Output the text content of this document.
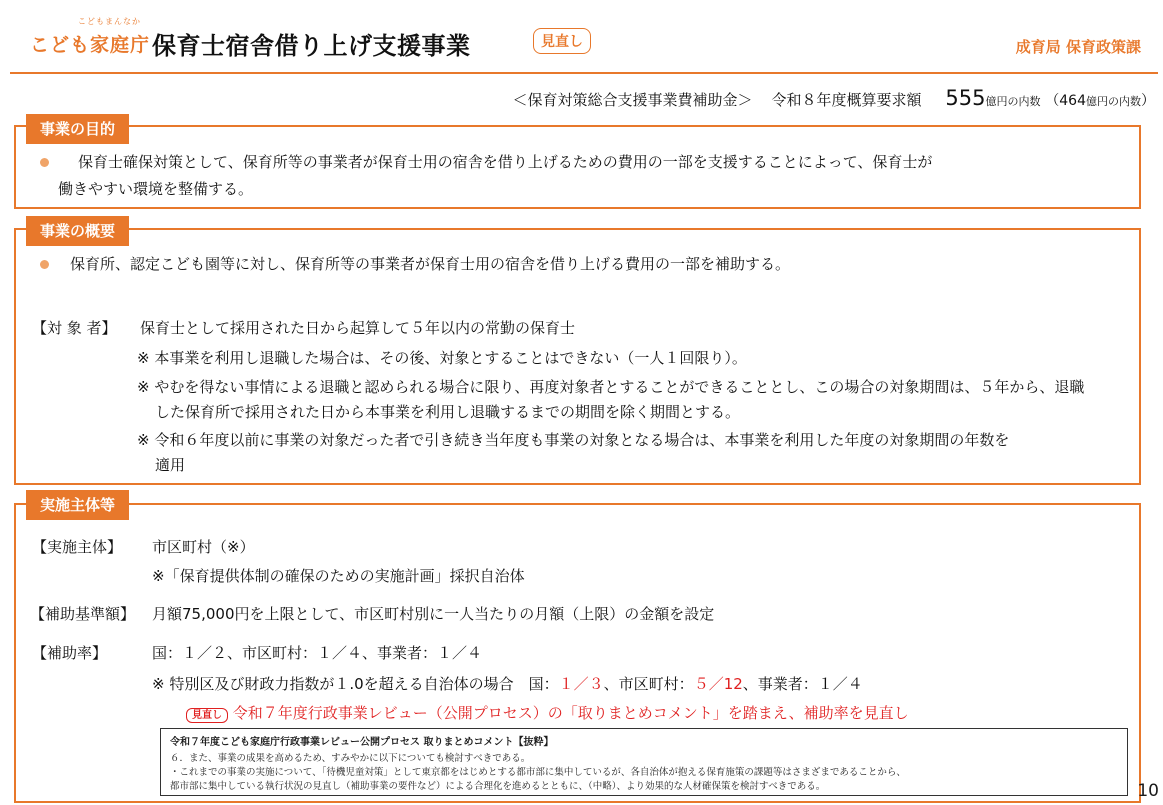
こどもまんなか
こども家庭庁 保育士宿舎借り上げ支援事業	見直し	成育局 保育政策課
＜保育対策総合支援事業費補助金＞ 令和８年度概算要求額 555億円の内数 （464億円の内数）
事業の目的
保育士確保対策として、保育所等の事業者が保育士用の宿舎を借り上げるための費用の一部を支援することによって、保育士が
働きやすい環境を整備する。
事業の概要
保育所、認定こども園等に対し、保育所等の事業者が保育士用の宿舎を借り上げる費用の一部を補助する。
【対 象 者】 保育士として採用された日から起算して５年以内の常勤の保育士
※ 本事業を利用し退職した場合は、その後、対象とすることはできない（一人１回限り）。
※ やむを得ない事情による退職と認められる場合に限り、再度対象者とすることができることとし、この場合の対象期間は、５年から、退職
した保育所で採用された日から本事業を利用し退職するまでの期間を除く期間とする。
※ 令和６年度以前に事業の対象だった者で引き続き当年度も事業の対象となる場合は、本事業を利用した年度の対象期間の年数を
適用
実施主体等
【実施主体】 市区町村（※）
※「保育提供体制の確保のための実施計画」採択自治体
【補助基準額】 月額75,000円を上限として、市区町村別に一人当たりの月額（上限）の金額を設定
【補助率】	国：１／２、市区町村：１／４、事業者：１／４
※ 特別区及び財政力指数が１.0を超える自治体の場合　国：１／３、市区町村：５／12、事業者：１／４
見直し 令和７年度行政事業レビュー（公開プロセス）の「取りまとめコメント」を踏まえ、補助率を見直し
令和７年度こども家庭庁行政事業レビュー公開プロセス 取りまとめコメント【抜粋】
６．また、事業の成果を高めるため、すみやかに以下についても検討すべきである。
・これまでの事業の実施について、「待機児童対策」として東京都をはじめとする都市部に集中しているが、各自治体が抱える保育施策の課題等はさまざまであることから、
都市部に集中している執行状況の見直し（補助事業の要件など）による合理化を進めるとともに、（中略）、より効果的な人材確保策を検討すべきである。	10
